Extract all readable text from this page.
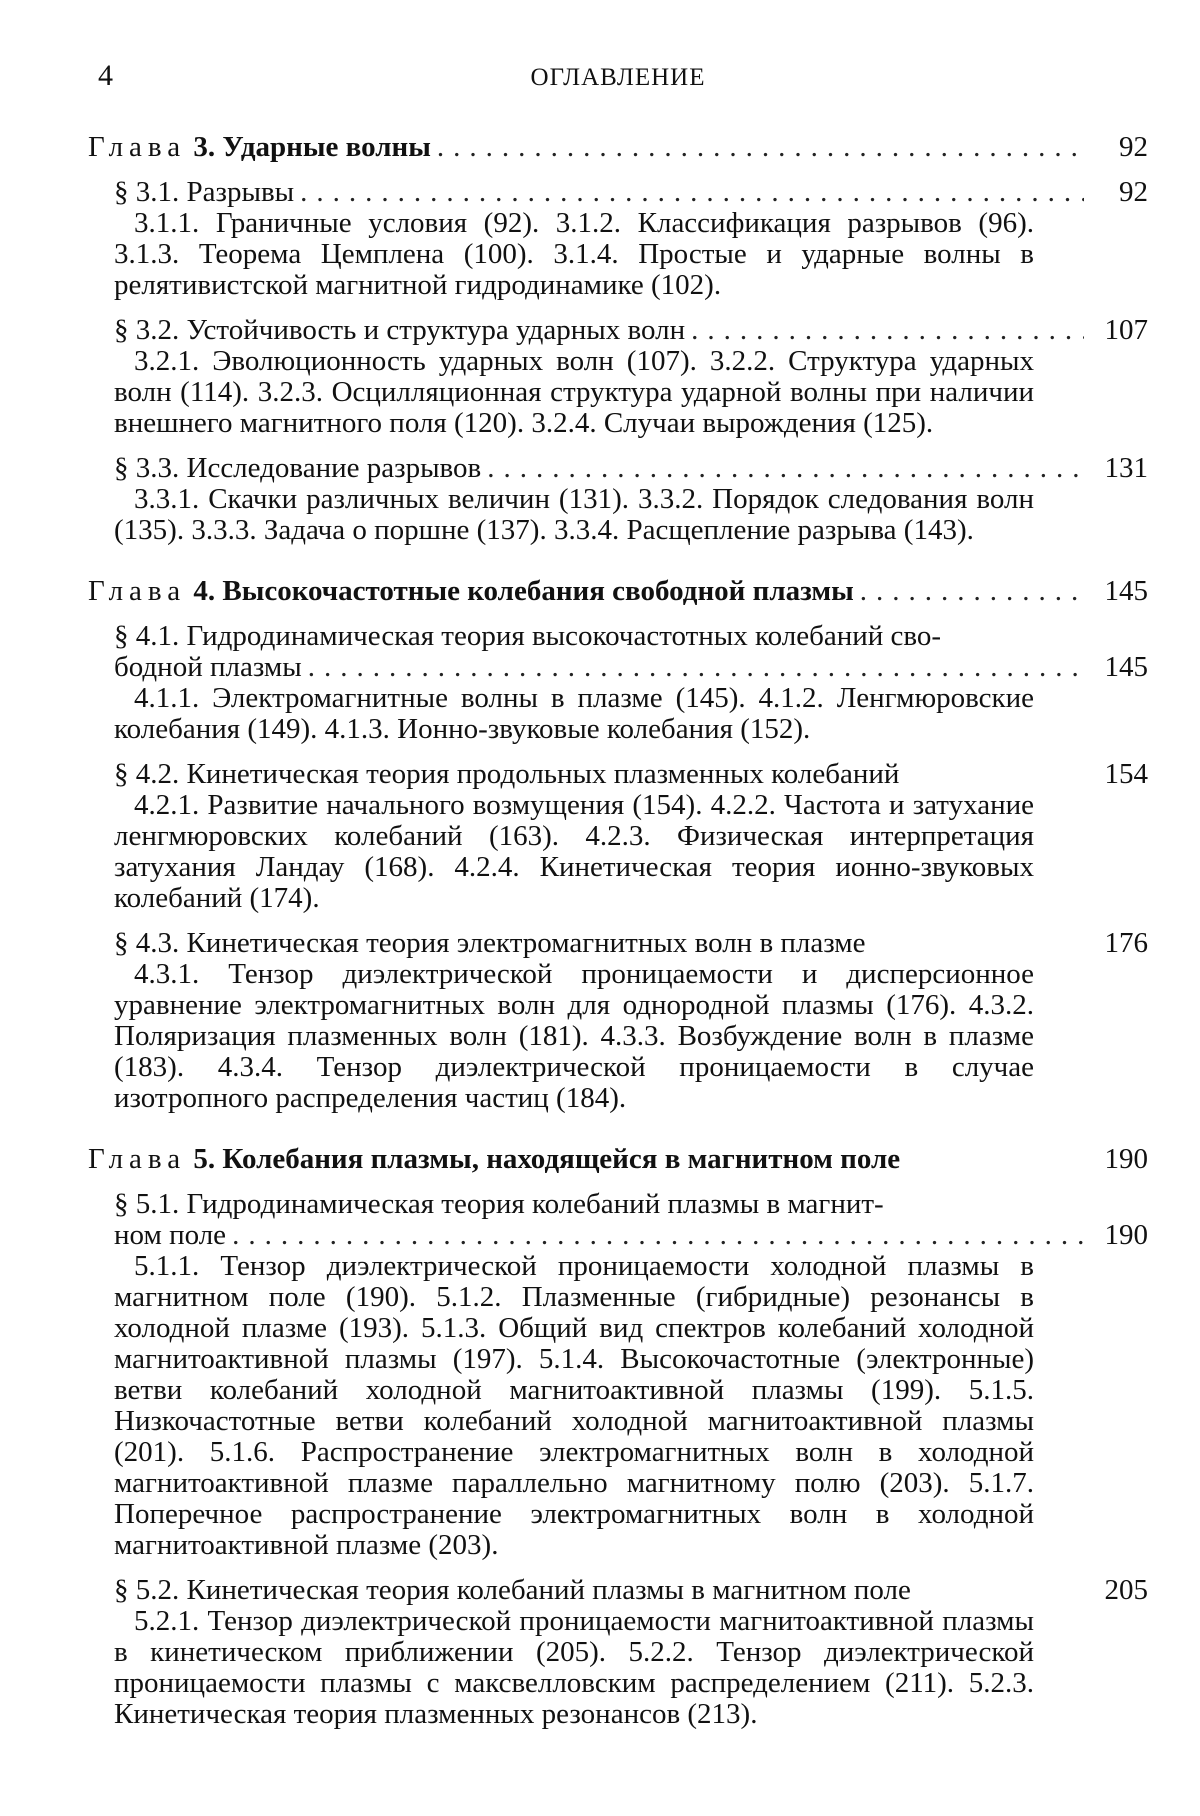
4	ОГЛАВЛЕНИЕ
Глава 3. Ударные волны .....	92
§ 3.1. Разрывы .....	92
3.1.1. Граничные условия (92). 3.1.2. Классификация разрывов (96). 3.1.3. Теорема Цемплена (100). 3.1.4. Простые и ударные волны в релятивистской магнитной гидродинамике (102).
§ 3.2. Устойчивость и структура ударных волн .....	107
3.2.1. Эволюционность ударных волн (107). 3.2.2. Структура ударных волн (114). 3.2.3. Осцилляционная структура ударной волны при наличии внешнего магнитного поля (120). 3.2.4. Случаи вырождения (125).
§ 3.3. Исследование разрывов .....	131
3.3.1. Скачки различных величин (131). 3.3.2. Порядок следования волн (135). 3.3.3. Задача о поршне (137). 3.3.4. Расщепление разрыва (143).
Глава 4. Высокочастотные колебания свободной плазмы .....	145
§ 4.1. Гидродинамическая теория высокочастотных колебаний сво-
бодной плазмы .....	145
4.1.1. Электромагнитные волны в плазме (145). 4.1.2. Ленгмюровские колебания (149). 4.1.3. Ионно-звуковые колебания (152).
§ 4.2. Кинетическая теория продольных плазменных колебаний	154
4.2.1. Развитие начального возмущения (154). 4.2.2. Частота и затухание ленгмюровских колебаний (163). 4.2.3. Физическая интерпретация затухания Ландау (168). 4.2.4. Кинетическая теория ионно-звуковых колебаний (174).
§ 4.3. Кинетическая теория электромагнитных волн в плазме	176
4.3.1. Тензор диэлектрической проницаемости и дисперсионное уравнение электромагнитных волн для однородной плазмы (176). 4.3.2. Поляризация плазменных волн (181). 4.3.3. Возбуждение волн в плазме (183). 4.3.4. Тензор диэлектрической проницаемости в случае изотропного распределения частиц (184).
Глава 5. Колебания плазмы, находящейся в магнитном поле	190
§ 5.1. Гидродинамическая теория колебаний плазмы в магнит-
ном поле .....	190
5.1.1. Тензор диэлектрической проницаемости холодной плазмы в магнитном поле (190). 5.1.2. Плазменные (гибридные) резонансы в холодной плазме (193). 5.1.3. Общий вид спектров колебаний холодной магнитоактивной плазмы (197). 5.1.4. Высокочастотные (электронные) ветви колебаний холодной магнитоактивной плазмы (199). 5.1.5. Низкочастотные ветви колебаний холодной магнитоактивной плазмы (201). 5.1.6. Распространение электромагнитных волн в холодной магнитоактивной плазме параллельно магнитному полю (203). 5.1.7. Поперечное распространение электромагнитных волн в холодной магнитоактивной плазме (203).
§ 5.2. Кинетическая теория колебаний плазмы в магнитном поле	205
5.2.1. Тензор диэлектрической проницаемости магнитоактивной плазмы в кинетическом приближении (205). 5.2.2. Тензор диэлектрической проницаемости плазмы с максвелловским распределением (211). 5.2.3. Кинетическая теория плазменных резонансов (213).
